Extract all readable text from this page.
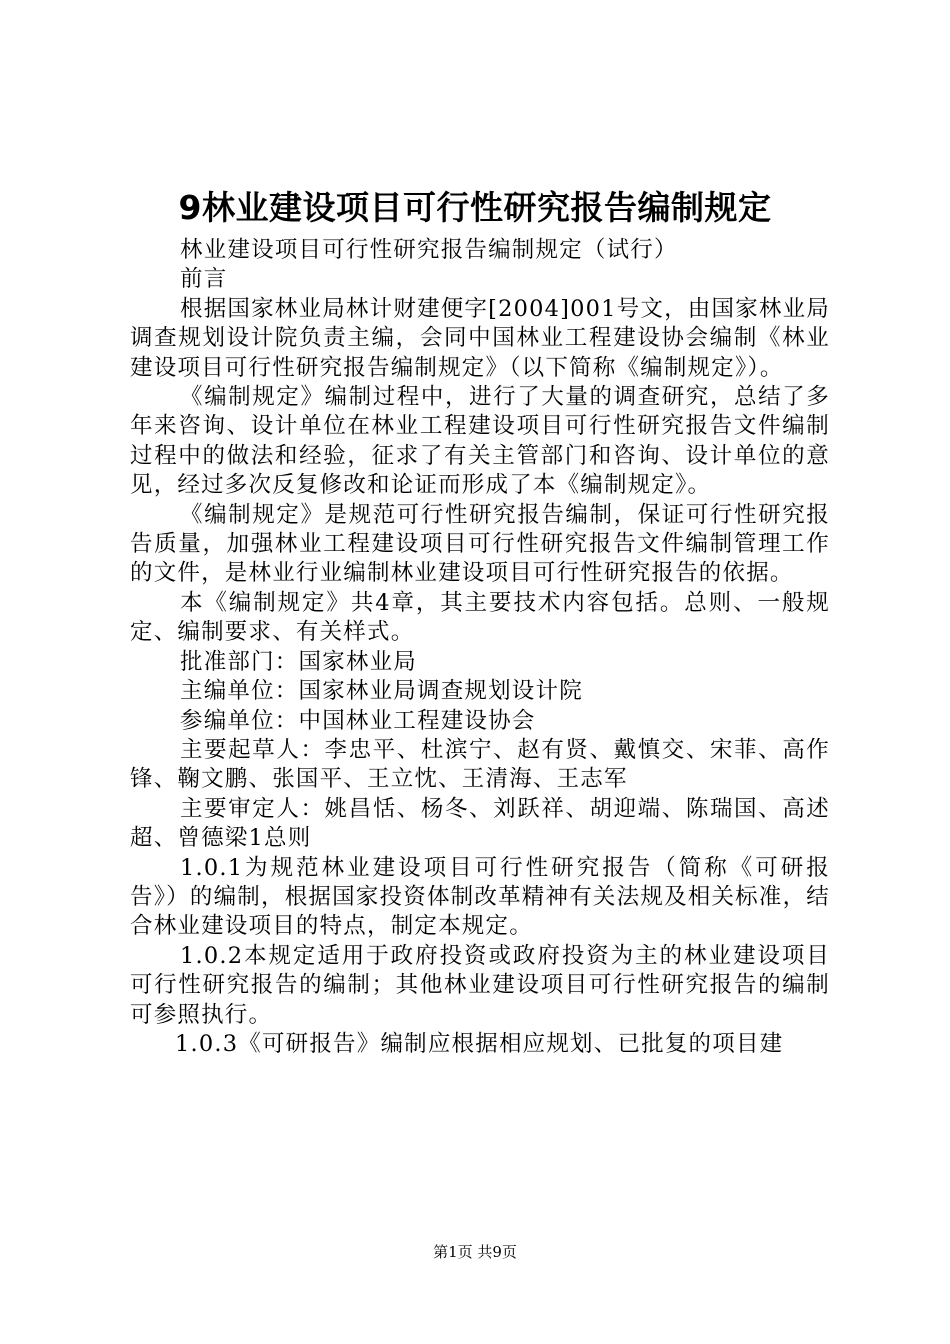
9林业建设项目可行性研究报告编制规定

林业建设项目可行性研究报告编制规定（试行）

前言

根据国家林业局林计财建便字[2004]001号文，由国家林业局调查规划设计院负责主编，会同中国林业工程建设协会编制《林业建设项目可行性研究报告编制规定》（以下简称《编制规定》）。

《编制规定》编制过程中，进行了大量的调查研究，总结了多年来咨询、设计单位在林业工程建设项目可行性研究报告文件编制过程中的做法和经验，征求了有关主管部门和咨询、设计单位的意见，经过多次反复修改和论证而形成了本《编制规定》。

《编制规定》是规范可行性研究报告编制，保证可行性研究报告质量，加强林业工程建设项目可行性研究报告文件编制管理工作的文件，是林业行业编制林业建设项目可行性研究报告的依据。

本《编制规定》共4章，其主要技术内容包括。总则、一般规定、编制要求、有关样式。

批准部门：国家林业局

主编单位：国家林业局调查规划设计院

参编单位：中国林业工程建设协会

主要起草人：李忠平、杜滨宁、赵有贤、戴慎交、宋菲、高作锋、鞠文鹏、张国平、王立忱、王清海、王志军

主要审定人：姚昌恬、杨冬、刘跃祥、胡迎端、陈瑞国、高述超、曾德梁1总则

1.0.1为规范林业建设项目可行性研究报告（简称《可研报告》）的编制，根据国家投资体制改革精神有关法规及相关标准，结合林业建设项目的特点，制定本规定。

1.0.2本规定适用于政府投资或政府投资为主的林业建设项目可行性研究报告的编制；其他林业建设项目可行性研究报告的编制可参照执行。

1.0.3《可研报告》编制应根据相应规划、已批复的项目建

第1页 共9页
